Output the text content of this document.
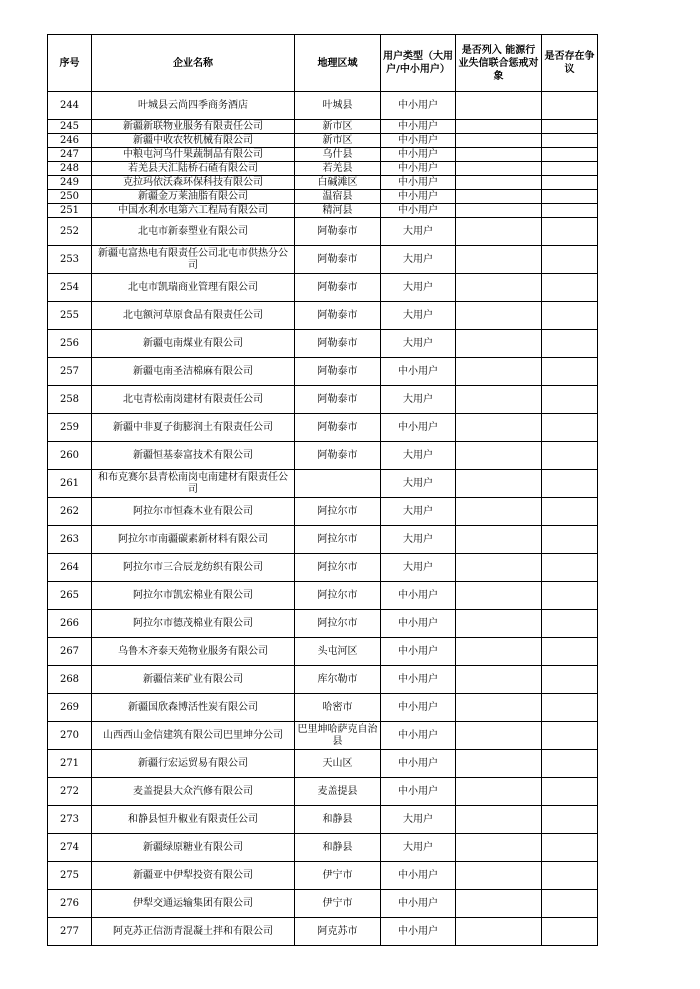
序号	企业名称	地理区域	用户类型（大用户/中小用户）	是否列入 能源行业失信联合惩戒对象	是否存在争议
244	叶城县云尚四季商务酒店	叶城县	中小用户		
245	新疆新联物业服务有限责任公司	新市区	中小用户		
246	新疆中收农牧机械有限公司	新市区	中小用户		
247	中粮屯河乌什果蔬制品有限公司	乌什县	中小用户		
248	若羌县天汇陆桥石碴有限公司	若羌县	中小用户		
249	克拉玛依沃森环保科技有限公司	白碱滩区	中小用户		
250	新疆金万莱油脂有限公司	温宿县	中小用户		
251	中国水利水电第六工程局有限公司	精河县	中小用户		
252	北屯市新泰塑业有限公司	阿勒泰市	大用户		
253	新疆屯富热电有限责任公司北屯市供热分公司	阿勒泰市	大用户		
254	北屯市凯瑞商业管理有限公司	阿勒泰市	大用户		
255	北屯额河草原食品有限责任公司	阿勒泰市	大用户		
256	新疆屯南煤业有限公司	阿勒泰市	大用户		
257	新疆屯南圣洁棉麻有限公司	阿勒泰市	中小用户		
258	北屯青松南岗建材有限责任公司	阿勒泰市	大用户		
259	新疆中非夏子街膨润土有限责任公司	阿勒泰市	中小用户		
260	新疆恒基泰富技术有限公司	阿勒泰市	大用户		
261	和布克赛尔县青松南岗屯南建材有限责任公司		大用户		
262	阿拉尔市恒森木业有限公司	阿拉尔市	大用户		
263	阿拉尔市南疆碳素新材料有限公司	阿拉尔市	大用户		
264	阿拉尔市三合辰龙纺织有限公司	阿拉尔市	大用户		
265	阿拉尔市凯宏棉业有限公司	阿拉尔市	中小用户		
266	阿拉尔市德茂棉业有限公司	阿拉尔市	中小用户		
267	乌鲁木齐泰天苑物业服务有限公司	头屯河区	中小用户		
268	新疆信莱矿业有限公司	库尔勒市	中小用户		
269	新疆国欣森博活性炭有限公司	哈密市	中小用户		
270	山西西山金信建筑有限公司巴里坤分公司	巴里坤哈萨克自治县	中小用户		
271	新疆行宏运贸易有限公司	天山区	中小用户		
272	麦盖提县大众汽修有限公司	麦盖提县	中小用户		
273	和静县恒升椒业有限责任公司	和静县	大用户		
274	新疆绿原糖业有限公司	和静县	大用户		
275	新疆亚中伊犁投资有限公司	伊宁市	中小用户		
276	伊犁交通运输集团有限公司	伊宁市	中小用户		
277	阿克苏正信沥青混凝土拌和有限公司	阿克苏市	中小用户		
